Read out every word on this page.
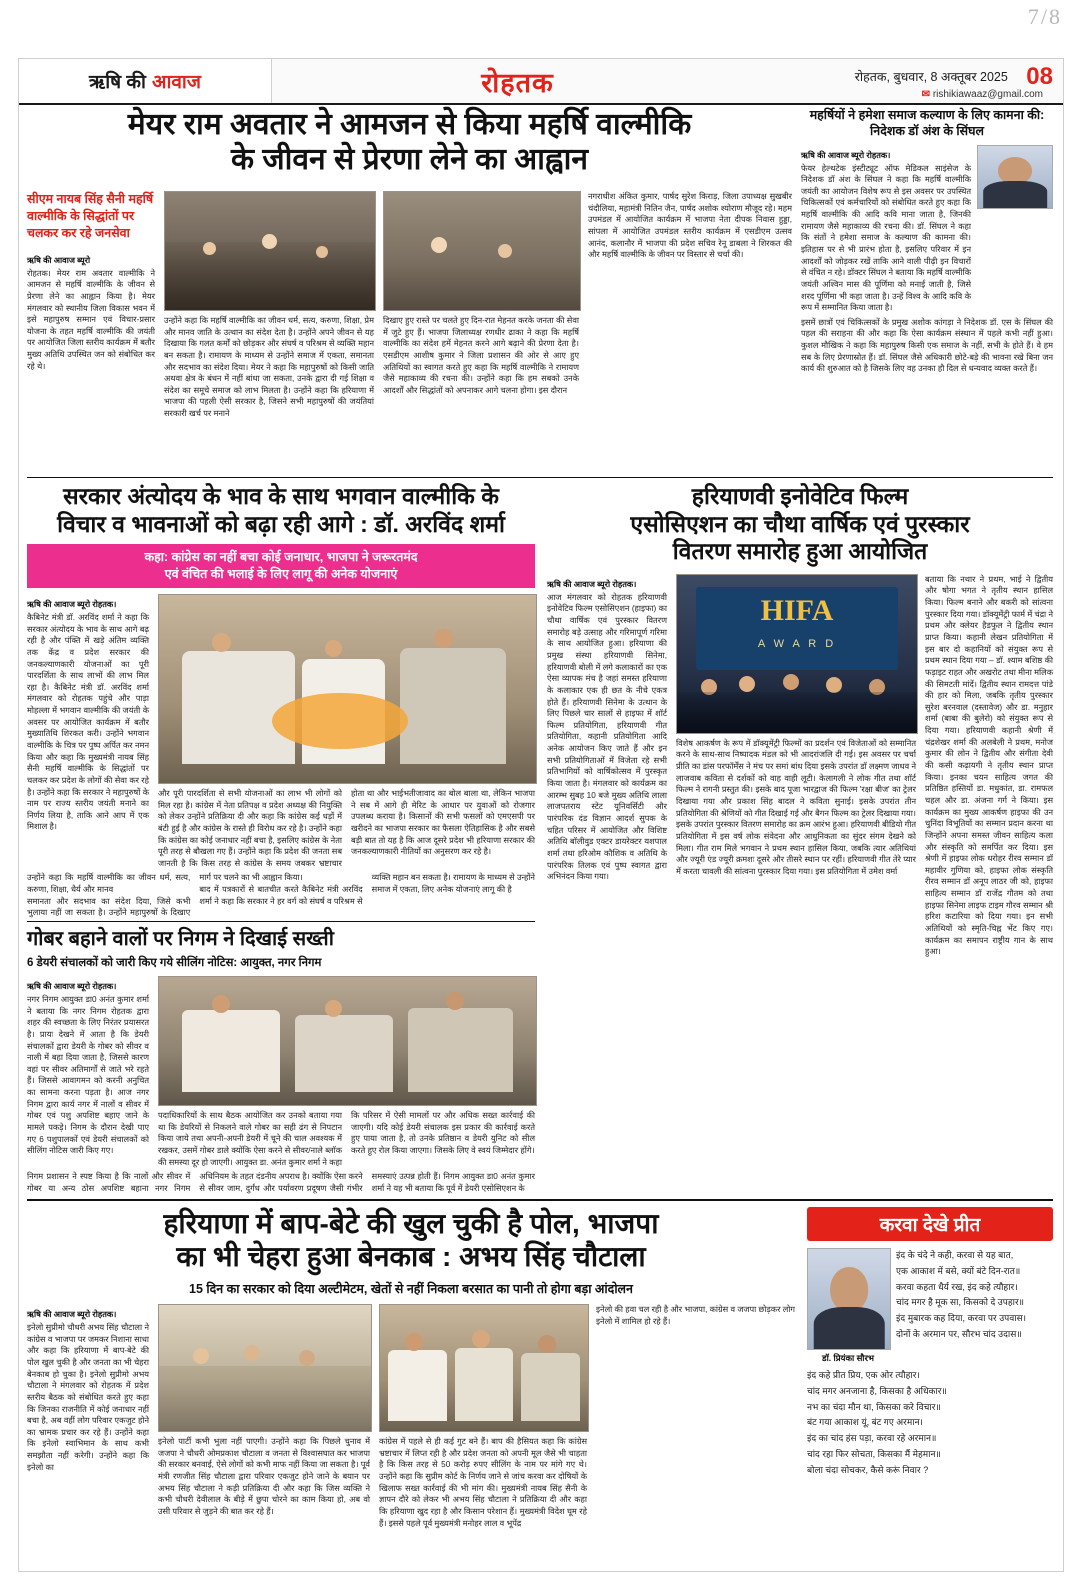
7/8
ऋषि की आवाज	रोहतक	रोहतक, बुधवार, 8 अक्तूबर 2025 08
✉ rishikiawaaz@gmail.com
मेयर राम अवतार ने आमजन से किया महर्षि वाल्मीकि
के जीवन से प्रेरणा लेने का आह्वान
महर्षियों ने हमेशा समाज कल्याण के लिए कामना की: निदेशक डॉ अंश के सिंघल
ऋषि की आवाज ब्यूरो रोहतक।
फेयर हेल्थटेक इंस्टीट्यूट ऑफ मेडिकल साइंसेज के निदेशक डॉ अंश के सिंघल ने कहा कि महर्षि वाल्मीकि जयंती का आयोजन विशेष रूप से इस अवसर पर उपस्थित चिकित्सकों एवं कर्मचारियों को संबोधित करते हुए कहा कि महर्षि वाल्मीकि की आदि कवि माना जाता है, जिनकी रामायण जैसे महाकाव्य की रचना की। डॉ. सिंघल ने कहा कि संतों ने हमेशा समाज के कल्याण की कामना की। इतिहास पर से भी प्रारंभ होता है, इसलिए परिवार में इन आदर्शों को जोड़कर रखें ताकि आने वाली पीढ़ी इन विचारों से वंचित न रहे। डॉक्टर सिंघल ने बताया कि महर्षि वाल्मीकि जयंती अश्विन मास की पूर्णिमा को मनाई जाती है, जिसे शरद पूर्णिमा भी कहा जाता है। उन्हें विश्व के आदि कवि के रूप में सम्मानित किया जाता है।
इसमें छात्रों एवं चिकित्सकों के प्रमुख अशोक कांगड़ा ने निदेशक डॉ. एस के सिंघल की पहल की सराहना की और कहा कि ऐसा कार्यक्रम संस्थान में पहले कभी नहीं हुआ। कुशल मौखिक ने कहा कि महापुरुष किसी एक समाज के नहीं, सभी के होते हैं। वे हम सब के लिए प्रेरणास्रोत हैं। डॉ. सिंघल जैसे अधिकारी छोटे-बड़े की भावना रखे बिना जन कार्य की शुरुआत को है जिसके लिए वह उनका हौ दिल से धन्यवाद व्यक्त करते हैं।
सीएम नायब सिंह सैनी महर्षि वाल्मीकि के सिद्धांतों पर चलकर कर रहे जनसेवा
ऋषि की आवाज ब्यूरो
रोहतक। मेयर राम अवतार वाल्मीकि ने आमजन से महर्षि वाल्मीकि के जीवन से प्रेरणा लेने का आह्वान किया है। मेयर मंगलवार को स्थानीय जिला विकास भवन में इसे महापुरुष सम्मान एवं विचार-प्रसार योजना के तहत महर्षि वाल्मीकि की जयंती पर आयोजित जिला स्तरीय कार्यक्रम में बतौर मुख्य अतिथि उपस्थित जन को संबोधित कर रहे थे।
उन्होंने कहा कि महर्षि वाल्मीकि का जीवन धर्म, सत्य, करुणा, शिक्षा, प्रेम और मानव जाति के उत्थान का संदेश देता है। उन्होंने अपने जीवन से यह दिखाया कि गलत कर्मों को छोड़कर और संघर्ष व परिश्रम से व्यक्ति महान बन सकता है। रामायण के माध्यम से उन्होंने समाज में एकता, समानता और सदभाव का संदेश दिया। मेयर ने कहा कि महापुरुषों को किसी जाति अथवा क्षेत्र के बंधन में नहीं बांधा जा सकता, उनके द्वारा दी गई शिक्षा व संदेश का समूचे समाज को लाभ मिलता है। उन्होंने कहा कि हरियाणा में भाजपा की पहली ऐसी सरकार है, जिसने सभी महापुरुषों की जयंतियां सरकारी खर्च पर मनाने
दिखाए हुए रास्ते पर चलते हुए दिन-रात मेहनत करके जनता की सेवा में जुटे हुए हैं। भाजपा जिलाध्यक्ष रणधीर ढाका ने कहा कि महर्षि वाल्मीकि का संदेश हमें मेहनत करने आगे बढ़ाने की प्रेरणा देता है। एसडीएम आशीष कुमार ने जिला प्रशासन की ओर से आए हुए अतिथियों का स्वागत करते हुए कहा कि महर्षि वाल्मीकि ने रामायण जैसे महाकाव्य की रचना की। उन्होंने कहा कि हम सबको उनके आदर्शों और सिद्धांतों को अपनाकर आगे चलना होगा। इस दौरान
नगराधीश अंकित कुमार, पार्षद सुरेश किराड़, जिला उपाध्यक्ष सुखबीर चंदौलिया, महामंत्री नितिन जैन, पार्षद अशोक श्योराण मौजूद रहे। महम उपमंडल में आयोजित कार्यक्रम में भाजपा नेता दीपक निवास हुड्डा, सांपला में आयोजित उपमंडल स्तरीय कार्यक्रम में एसडीएम उत्सव आनंद, कलानौर में भाजपा की प्रदेश सचिव रेनू डाबला ने शिरकत की और महर्षि वाल्मीकि के जीवन पर विस्तार से चर्चा की।
सरकार अंत्योदय के भाव के साथ भगवान वाल्मीकि के
विचार व भावनाओं को बढ़ा रही आगे : डॉ. अरविंद शर्मा
कहा: कांग्रेस का नहीं बचा कोई जनाधार, भाजपा ने जरूरतमंद
एवं वंचित की भलाई के लिए लागू की अनेक योजनाएं
ऋषि की आवाज ब्यूरो रोहतक।
कैबिनेट मंत्री डॉ. अरविंद शर्मा ने कहा कि सरकार अंत्योदय के भाव के साथ आगे बढ़ रही है और पंक्ति में खड़े अंतिम व्यक्ति तक केंद्र व प्रदेश सरकार की जनकल्याणकारी योजनाओं का पूरी पारदर्शिता के साथ लाभों की लाभ मिल रहा है। कैबिनेट मंत्री डॉ. अरविंद शर्मा मंगलवार को रोहतक पहुंचे और पाड़ा मोहल्ला में भगवान वाल्मीकि की जयंती के अवसर पर आयोजित कार्यक्रम में बतौर मुख्यातिथि शिरकत करी। उन्होंने भगवान वाल्मीकि के चित्र पर पुष्प अर्पित कर नमन किया और कहा कि मुख्यमंत्री नायब सिंह सैनी महर्षि वाल्मीकि के सिद्धांतों पर चलकर कर प्रदेश के लोगों की सेवा कर रहे है। उन्होंने कहा कि सरकार ने महापुरुषों के नाम पर राज्य स्तरीय जयंती मनाने का निर्णय लिया है, ताकि आने आप में एक मिशाल है।
और पूरी पारदर्शिता से सभी योजनाओं का लाभ भी लोगों को मिल रहा है। कांग्रेस में नेता प्रतिपक्ष व प्रदेश अध्यक्ष की नियुक्ति को लेकर उन्होंने प्रतिक्रिया दी और कहा कि कांग्रेस कई धड़ों में बंटी हुई है और कांग्रेस के रास्ते ही विरोध कर रहे है। उन्होंने कहा कि कांग्रेस का कोई जनाधार नहीं बचा है, इसलिए कांग्रेस के नेता पूरी तरह से बौखला गए हैं। उन्होंने कहा कि प्रदेश की जनता सब जानती है कि किस तरह से कांग्रेस के समय जबकर भ्रष्टाचार होता था और भाईभतीजावाद का बोल बाला था, लेकिन भाजपा ने सब में आगे ही मेरिट के आधार पर युवाओं को रोजगार उपलब्ध कराया है। किसानों की सभी फसलों को एमएसपी पर खरीदने का भाजपा सरकार का फैसला ऐतिहासिक है और सबसे बड़ी बात तो यह है कि आज दूसरे प्रदेश भी हरियाणा सरकार की जनकल्याणकारी नीतियों का अनुसरण कर रहे है।
उन्होंने कहा कि महर्षि वाल्मीकि का जीवन धर्म, सत्य, करुणा, शिक्षा, धैर्य और मानव
समानता और सदभाव का संदेश दिया, जिसे कभी भुलाया नहीं जा सकता है। उन्होंने महापुरुषों के दिखाए मार्ग पर चलने का भी आह्वान किया।
बाद में पत्रकारों से बातचीत करते कैबिनेट मंत्री अरविंद शर्मा ने कहा कि सरकार ने हर वर्ग को संघर्ष व परिश्रम से व्यक्ति महान बन सकता है। रामायण के माध्यम से उन्होंने समाज में एकता, लिए अनेक योजनाएं लागू की है
हरियाणवी इनोवेटिव फिल्म
एसोसिएशन का चौथा वार्षिक एवं पुरस्कार
वितरण समारोह हुआ आयोजित
ऋषि की आवाज ब्यूरो रोहतक।
आज मंगलवार को रोहतक हरियाणवी इनोवेटिव फिल्म एसोसिएशन (हाइफा) का चौथा वार्षिक एवं पुरस्कार वितरण समारोह बड़े उत्साह और गरिमापूर्ण गरिमा के साथ आयोजित हुआ। हरियाणा की प्रमुख संस्था हरियाणवी सिनेमा, हरियाणवी बोली में लगे कलाकारों का एक ऐसा व्यापक मंच है जहां समस्त हरियाणा के कलाकार एक ही छत के नीचे एकत्र होते हैं। हरियाणवी सिनेमा के उत्थान के लिए पिछले चार सालों से हाइफा में शॉर्ट फिल्म प्रतियोगिता, हरियाणवी गीत प्रतियोगिता, कहानी प्रतियोगिता आदि अनेक आयोजन किए जाते हैं और इन सभी प्रतियोगिताओं में विजेता रहे सभी प्रतिभागियों को वार्षिकोत्सव में पुरस्कृत किया जाता है। मंगलवार को कार्यक्रम का आरम्भ सुबह 10 बजे मुख्य अतिथि लाला लाजपतराय स्टेट यूनिवर्सिटी और पारंपरिक दंड विज्ञान आदर्श सुपक के चहित परिसर में आयोजित और विशिष्ट अतिथि बॉलीवुड एक्टर डायरेक्टर यशपाल शर्मा तथा हरिओम कौशिक व अतिथि के पारंपरिक तिलक एवं पुष्प स्वागत द्वारा अभिनंदन किया गया।
HIFA
A W A R D
विशेष आकर्षण के रूप में डॉक्यूमेंट्री फिल्मों का प्रदर्शन एवं विजेताओं को सम्मानित करने के साथ-साथ निष्पादक मंडल को भी आदरांजलि दी गई। इस अवसर पर चर्चा प्रीति का डांस परफॉर्मेंस ने मंच पर समां बांध दिया इसके उपरांत डॉ लक्ष्मण जाधव ने लाजवाब कविता से दर्शकों को वाह वाही लूटी। केलागली ने लोक गीत तथा शॉर्ट फिल्म ने रागनी प्रस्तुत की। इसके बाद पूजा भारद्वाज की फिल्म 'रक्षा बीज' का ट्रेलर दिखाया गया और प्रकाश सिंह बादल ने कविता सुनाई। इसके उपरांत तीन प्रतियोगिता की श्रेणियों को गीत दिखाई गई और बैगन फिल्म का ट्रेलर दिखाया गया। इसके उपरांत पुरस्कार वितरण समारोह का क्रम आरंभ हुआ। हरियाणवी बीडियो गीत प्रतियोगिता में इस वर्ष लोक संवेदना और आधुनिकता का सुंदर संगम देखने को मिला। गीत राम मिले भगवान ने प्रथम स्थान हासिल किया, जबकि त्यार अतिथियां और ज्यूरी एंड ज्यूरी क्रमशः दूसरे और तीसरे स्थान पर रहीं। हरियाणवी गीत तेरे प्यार में करता चावली की सांत्वना पुरस्कार दिया गया। इस प्रतियोगिता में उमेश वर्मा
बताया कि नथार ने प्रथम, भाई ने द्वितीय और षोगा भगत ने तृतीय स्थान हासिल किया। फिल्म बनाने और बकरी को सांत्वना पुरस्कार दिया गया। डॉक्यूमेंट्री फार्म में चंद्रा ने प्रथम और क्लेयर हैडफुल ने द्वितीय स्थान प्राप्त किया। कहानी लेखन प्रतियोगिता में इस बार दो कहानियों को संयुक्त रूप से प्रथम स्थान दिया गया – डॉ. श्याम बशिष्ठ की फड़ाइट राहत और अखरोट तथा मीना मलिक की सिमटती मांदें। द्वितीय स्थान रामदत्त पांडे की हार को मिला, जबकि तृतीय पुरस्कार सुरेश बरनवाल (दस्तावेज) और डा. मनुहार शर्मा (बाबा की बुलेरो) को संयुक्त रूप से दिया गया। हरियाणवी कहानी श्रेणी में चंद्रशेखर शर्मा की अलबेली ने प्रथम, मनोज कुमार की लोन ने द्वितीय और संगीता देवी की कसी कढ़ायगी ने तृतीय स्थान प्राप्त किया। इनका चयन साहित्य जगत की प्रतिष्ठित हस्तियों डा. मधुकांत, डा. रामफल चहल और डा. अंजना गर्ग ने किया। इस कार्यक्रम का मुख्य आकर्षण हाइफा की उन चुनिंदा विभूतियों का सम्मान प्रदान करना था जिन्होंने अपना समस्त जीवन साहित्य कला और संस्कृति को समर्पित कर दिया। इस श्रेणी में हाइफा लोक धरोहर रीरव सम्मान डॉ महावीर गुणिया को, हाइफा लोक संस्कृति रीरव सम्मान डॉ अनूप लाठर जी को, हाइफा साहित्य सम्मान डॉ राजेंद्र गौतम को तथा हाइफा सिनेमा लाइफ टाइम गौरव सम्मान श्री हरिश कटारिया को दिया गया। इन सभी अतिथियों को स्मृति-चिह्न भेंट किए गए। कार्यक्रम का समापन राष्ट्रीय गान के साथ हुआ।
गोबर बहाने वालों पर निगम ने दिखाई सख्ती
6 डेयरी संचालकों को जारी किए गये सीलिंग नोटिस: आयुक्त, नगर निगम
ऋषि की आवाज ब्यूरो रोहतक।
नगर निगम आयुक्त डा0 अनंत कुमार शर्मा ने बताया कि नगर निगम रोहतक द्वारा शहर की स्वच्छता के लिए निरंतर प्रयासरत है। प्रायः देखने में आता है कि डेयरी संचालकों द्वारा डेयरी के गोबर को सीवर व नाली में बहा दिया जाता है, जिससे कारण वहां पर सीवर अतिमार्गों से जाते भरे रहते हैं। जिससे आवागमन को करनी अनुचित का सामना करना पड़ता है। आज नगर निगम द्वारा कार्य नगर में नालों व सीवर में गोबर एवं पशु अपशिष्ट बहाए जाने के मामले पकड़े। निगम के दौरान देखी पाए गए 6 पशुपालकों एवं डेयरी संचालकों को सीलिंग नोटिस जारी किए गए।
पदाधिकारियों के साथ बैठक आयोजित कर उनको बताया गया था कि डेयरियों से निकलने वाले गोबर का सही ढंग से निपटान किया जाये तथा अपनी-अपनी डेयरी में चूने की चाल अवश्यक में रखकर, उसमें गोबर डाले क्योंकि ऐसा करने से सीवर/नाले ब्लॉक की समस्या दूर हो जाएगी। आयुक्त डा. अनंत कुमार शर्मा ने कहा कि परिसर में ऐसी मामलों पर और अधिक सख्त कार्रवाई की जाएगी। यदि कोई डेयरी संचालक इस प्रकार की कार्रवाई करते हुए पाया जाता है, तो उनके प्रतिष्ठान व डेयरी युनिट को सील करते हुए रोल किया जाएगा। जिसके लिए वे स्वयं जिम्मेदार होंगे।
निगम प्रशासन ने स्पष्ट किया है कि नालों और सीवर में गोबर या अन्य ठोस अपशिष्ट बहाना नगर निगम अधिनियम के तहत दंडनीय अपराध है। क्योंकि ऐसा करने से सीवर जाम, दुर्गंध और पर्यावरण प्रदूषण जैसी गंभीर समस्याएं उत्पन्न होती हैं। निगम आयुक्त डा0 अनंत कुमार शर्मा ने यह भी बताया कि पूर्व में डेयरी एसोसिएशन के
हरियाणा में बाप-बेटे की खुल चुकी है पोल, भाजपा
का भी चेहरा हुआ बेनकाब : अभय सिंह चौटाला
15 दिन का सरकार को दिया अल्टीमेटम, खेतों से नहीं निकला बरसात का पानी तो होगा बड़ा आंदोलन
ऋषि की आवाज ब्यूरो रोहतक।
इनेलो सुप्रीमो चौधरी अभय सिंह चौटाला ने कांग्रेस व भाजपा पर जमकर निशाना साधा और कहा कि हरियाणा में बाप-बेटे की पोल खुल चुकी है और जनता का भी चेहरा बेनकाब हो चुका है। इनेलो सुप्रीमो अभय चौटाला ने मंगलवार को रोहतक में प्रदेश स्तरीय बैठक को संबोधित करते हुए कहा कि जिनका राजनीति में कोई जनाधार नहीं बचा है, अब वहीं लोग परिवार एकजुट होने का भ्रामक प्रचार कर रहे हैं। उन्होंने कहा कि इनेलो स्वाभिमान के साथ कभी समझौता नहीं करेगी। उन्होंने कहा कि इनेलो का
इनेलो पार्टी कभी भुला नहीं पाएगी। उन्होंने कहा कि पिछले चुनाव में जजपा ने चौधरी ओमप्रकाश चौटाला व जनता से विश्वासघात कर भाजपा की सरकार बनवाई, ऐसे लोगों को कभी माफ नहीं किया जा सकता है। पूर्व मंत्री रणजीत सिंह चौटाला द्वारा परिवार एकजुट होने जाने के बयान पर अभय सिंह चौटाला ने कड़ी प्रतिक्रिया दी और कहा कि जिस व्यक्ति ने कभी चौधरी देवीलाल के बीड़े में छुपा चोरने का काम किया हो, अब वो उसी परिवार से जुड़ने की बात कर रहे हैं।
कांग्रेस में पहले से ही कई गुट बने हैं। बाप की हैसियत कहा कि कांग्रेस भ्रष्टाचार में लिप्त रही है और प्रदेश जनता को अपनी मूल जैसे भी चाहता है कि किस तरह से 50 करोड़ रुपए सीलिंग के नाम पर मांगे गए थे। उन्होंने कहा कि सुप्रीम कोर्ट के निर्णय जाने से जांच करवा कर दोषियों के खिलाफ सख्त कार्रवाई की भी मांग की। मुख्यमंत्री नायब सिंह सैनी के ज्ञापन दौरे को लेकर भी अभय सिंह चौटाला ने प्रतिक्रिया दी और कहा कि हरियाणा खुद रहा है और किसान परेशान हैं। मुख्यमंत्री विदेश घूम रहे हैं। इससे पहले पूर्व मुख्यमंत्री मनोहर लाल व भूपेंद्र
इनेलो की हवा चल रही है और भाजपा, कांग्रेस व जजपा छोड़कर लोग इनेलो में शामिल हो रहे हैं।
करवा देखे प्रीत
डॉ. प्रियंका सौरभ
इंद के चंदे ने कही, करवा से यह बात,
एक आकाश में बसे, क्यों बंटे दिन-रात॥
करवा कहता धैर्य रख, इंद कहे त्यौहार।
चांद मगर है मूक सा, किसको दे उपहार॥
इंद मुबारक कह दिया, करवा पर उपवास।
दोनों के अरमान पर, सौरभ चांद उदास॥
इंद कहे प्रीत प्रिय, एक ओर त्यौहार।
चांद मगर अनजाना है, किसका है अधिकार॥
नभ का चंदा मौन था, किसका करे विचार॥
बंट गया आकाश यूं, बंट गए अरमान।
इंद का चांद हंस पड़ा, करवा रहे अरमान॥
चांद रहा फिर सोचता, किसका मैं मेहमान॥
बोला चंदा सोचकर, कैसे करूं निवार ?
